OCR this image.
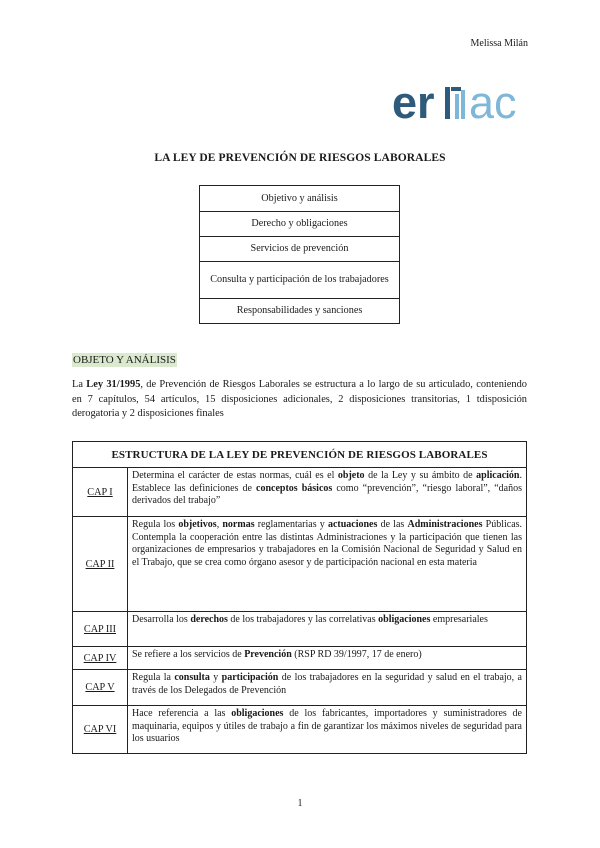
Melissa Milán
er ac
LA LEY DE PREVENCIÓN DE RIESGOS LABORALES
Objetivo y análisis
Derecho y obligaciones
Servicios de prevención
Consulta y participación de los trabajadores
Responsabilidades y sanciones
OBJETO Y ANÁLISIS
La Ley 31/1995, de Prevención de Riesgos Laborales se estructura a lo largo de su articulado, conteniendo en 7 capítulos, 54 artículos, 15 disposiciones adicionales, 2 disposiciones transitorias, 1 tdisposición derogatoria y 2 disposiciones finales
ESTRUCTURA DE LA LEY DE PREVENCIÓN DE RIESGOS LABORALES	
CAP I	Determina el carácter de estas normas, cuál es el objeto de la Ley y su ámbito de aplicación. Establece las definiciones de conceptos básicos como “prevención”, “riesgo laboral”, “daños derivados del trabajo”
CAP II	Regula los objetivos, normas reglamentarias y actuaciones de las Administraciones Públicas. Contempla la cooperación entre las distintas Administraciones y la participación que tienen las organizaciones de empresarios y trabajadores en la Comisión Nacional de Seguridad y Salud en el Trabajo, que se crea como órgano asesor y de participación nacional en esta materia
CAP III	Desarrolla los derechos de los trabajadores y las correlativas obligaciones empresariales
CAP IV	Se refiere a los servicios de Prevención (RSP RD 39/1997, 17 de enero)
CAP V	Regula la consulta y participación de los trabajadores en la seguridad y salud en el trabajo, a través de los Delegados de Prevención
CAP VI	Hace referencia a las obligaciones de los fabricantes, importadores y suministradores de maquinaria, equipos y útiles de trabajo a fin de garantizar los máximos niveles de seguridad para los usuarios
1
